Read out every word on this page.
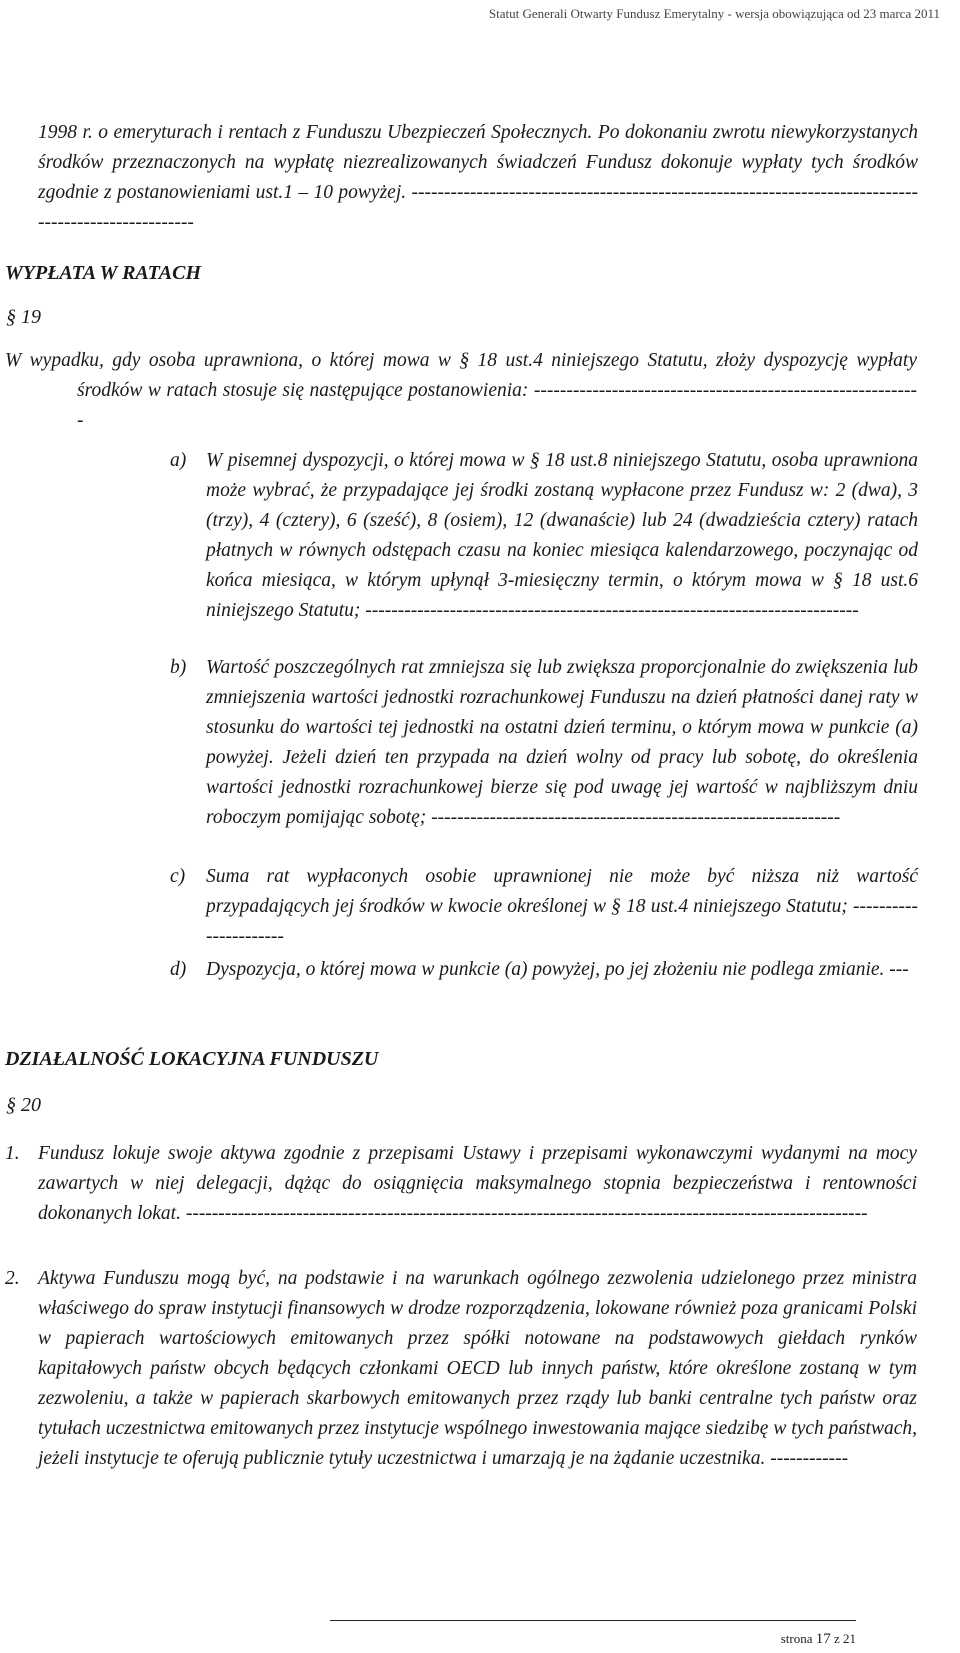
Statut Generali Otwarty Fundusz Emerytalny - wersja obowiązująca od 23 marca 2011

1998 r. o emeryturach i rentach z Funduszu Ubezpieczeń Społecznych. Po dokonaniu zwrotu niewykorzystanych środków przeznaczonych na wypłatę niezrealizowanych świadczeń Fundusz dokonuje wypłaty tych środków zgodnie z postanowieniami ust.1 – 10 powyżej. ------------------------------------------------------------------------------------------------------

WYPŁATA W RATACH
§ 19

W wypadku, gdy osoba uprawniona, o której mowa w § 18 ust.4 niniejszego Statutu, złoży dyspozycję wypłaty środków w ratach stosuje się następujące postanowienia: ------------------------------------------------------------

a)	W pisemnej dyspozycji, o której mowa w § 18 ust.8 niniejszego Statutu, osoba uprawniona może wybrać, że przypadające jej środki zostaną wypłacone przez Fundusz w: 2 (dwa), 3 (trzy), 4 (cztery), 6 (sześć), 8 (osiem), 12 (dwanaście) lub 24 (dwadzieścia cztery) ratach płatnych w równych odstępach czasu na koniec miesiąca kalendarzowego, poczynając od końca miesiąca, w którym upłynął 3-miesięczny termin, o którym mowa w § 18 ust.6 niniejszego Statutu; ----------------------------------------------------------------------------

b)	Wartość poszczególnych rat zmniejsza się lub zwiększa proporcjonalnie do zwiększenia lub zmniejszenia wartości jednostki rozrachunkowej Funduszu na dzień płatności danej raty w stosunku do wartości tej jednostki na ostatni dzień terminu, o którym mowa w punkcie (a) powyżej. Jeżeli dzień ten przypada na dzień wolny od pracy lub sobotę, do określenia wartości jednostki rozrachunkowej bierze się pod uwagę jej wartość w najbliższym dniu roboczym pomijając sobotę; ---------------------------------------------------------------

c)	Suma rat wypłaconych osobie uprawnionej nie może być niższa niż wartość przypadających jej środków w kwocie określonej w § 18 ust.4 niniejszego Statutu; ----------------------

d)	Dyspozycja, o której mowa w punkcie (a) powyżej, po jej złożeniu nie podlega zmianie. ---

DZIAŁALNOŚĆ LOKACYJNA FUNDUSZU
§ 20
1. Fundusz lokuje swoje aktywa zgodnie z przepisami Ustawy i przepisami wykonawczymi wydanymi na mocy zawartych w niej delegacji, dążąc do osiągnięcia maksymalnego stopnia bezpieczeństwa i rentowności dokonanych lokat. ---------------------------------------------------------------------------------------------------------

2. Aktywa Funduszu mogą być, na podstawie i na warunkach ogólnego zezwolenia udzielonego przez ministra właściwego do spraw instytucji finansowych w drodze rozporządzenia, lokowane również poza granicami Polski w papierach wartościowych emitowanych przez spółki notowane na podstawowych giełdach rynków kapitałowych państw obcych będących członkami OECD lub innych państw, które określone zostaną w tym zezwoleniu, a także w papierach skarbowych emitowanych przez rządy lub banki centralne tych państw oraz tytułach uczestnictwa emitowanych przez instytucje wspólnego inwestowania mające siedzibę w tych państwach, jeżeli instytucje te oferują publicznie tytuły uczestnictwa i umarzają je na żądanie uczestnika. ------------

strona 17 z 21
